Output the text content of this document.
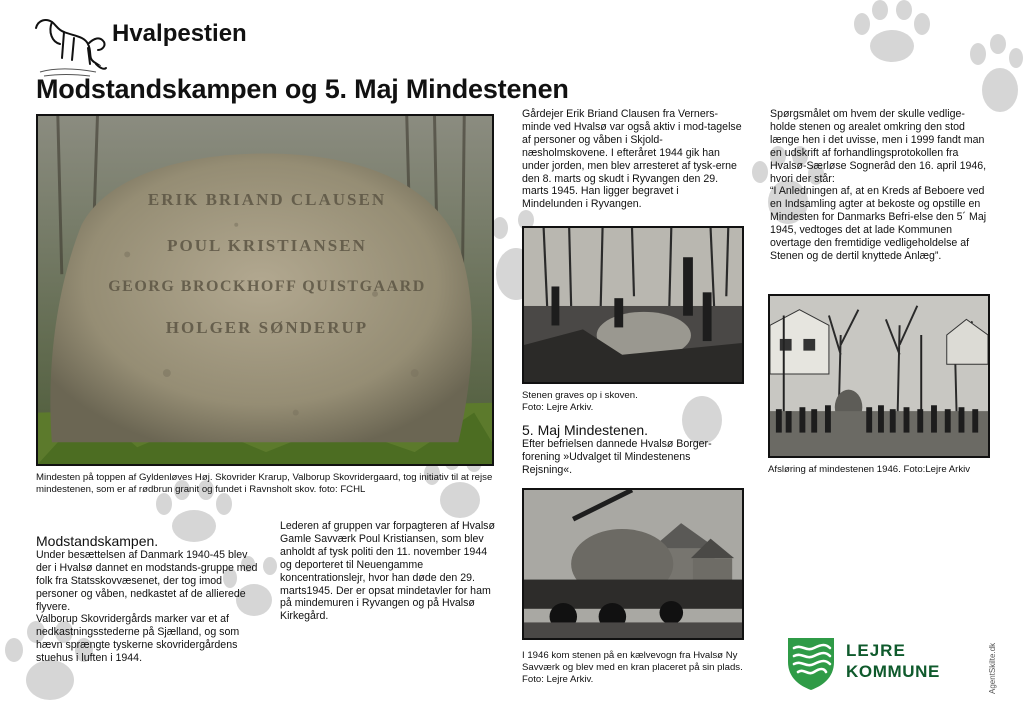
Hvalpestien
Modstandskampen og 5. Maj Mindestenen
ERIK BRIAND CLAUSEN
POUL KRISTIANSEN
GEORG BROCKHOFF QUISTGAARD
HOLGER SØNDERUP
Mindesten på toppen af Gyldenløves Høj. Skovrider Krarup, Valborup Skovridergaard, tog initiativ til at rejse mindestenen, som er af rødbrun granit og fundet i Ravnsholt skov. foto: FCHL

Modstandskampen.
Under besættelsen af Danmark 1940-45 blev der i Hvalsø dannet en modstands-gruppe med folk fra Statsskovvæsenet, der tog imod personer og våben, nedkastet af de allierede flyvere.
Valborup Skovridergårds marker var et af nedkastningsstederne på Sjælland, og som hævn sprængte tyskerne skovridergårdens stuehus i luften i 1944.

Lederen af gruppen var forpagteren af Hvalsø Gamle Savværk Poul Kristiansen, som blev anholdt af tysk politi den 11. november 1944 og deporteret til Neuengamme koncentrationslejr, hvor han døde den 29. marts1945. Der er opsat mindetavler for ham på mindemuren i Ryvangen og på Hvalsø Kirkegård.
Gårdejer Erik Briand Clausen fra Verners-minde ved Hvalsø var også aktiv i mod-tagelse af personer og våben i Skjold-næsholmskovene. I efteråret 1944 gik han under jorden, men blev arresteret af tysk-erne den 8. marts og skudt i Ryvangen den 29. marts 1945. Han ligger begravet i Mindelunden i Ryvangen.
Stenen graves op i skoven.
Foto: Lejre Arkiv.
5. Maj Mindestenen.
Efter befrielsen dannede Hvalsø Borger-forening »Udvalget til Mindestenens Rejsning«.
I 1946 kom stenen på en kælvevogn fra Hvalsø Ny Savværk og blev med en kran placeret på sin plads. Foto: Lejre Arkiv.
Spørgsmålet om hvem der skulle vedlige-holde stenen og arealet omkring den stod længe hen i det uvisse, men i 1999 fandt man en udskrift af forhandlingsprotokollen fra Hvalsø-Særløse Sognerâd den 16. april 1946, hvori der står:
“I Anledningen af, at en Kreds af Beboere ved en Indsamling agter at bekoste og opstille en Mindesten for Danmarks Befri-else den 5´ Maj 1945, vedtoges det at lade Kommunen overtage den fremtidige vedligeholdelse af Stenen og de dertil knyttede Anlæg”.
Afsløring af mindestenen 1946. Foto:Lejre Arkiv
LEJRE
KOMMUNE	AgentSkilte.dk
